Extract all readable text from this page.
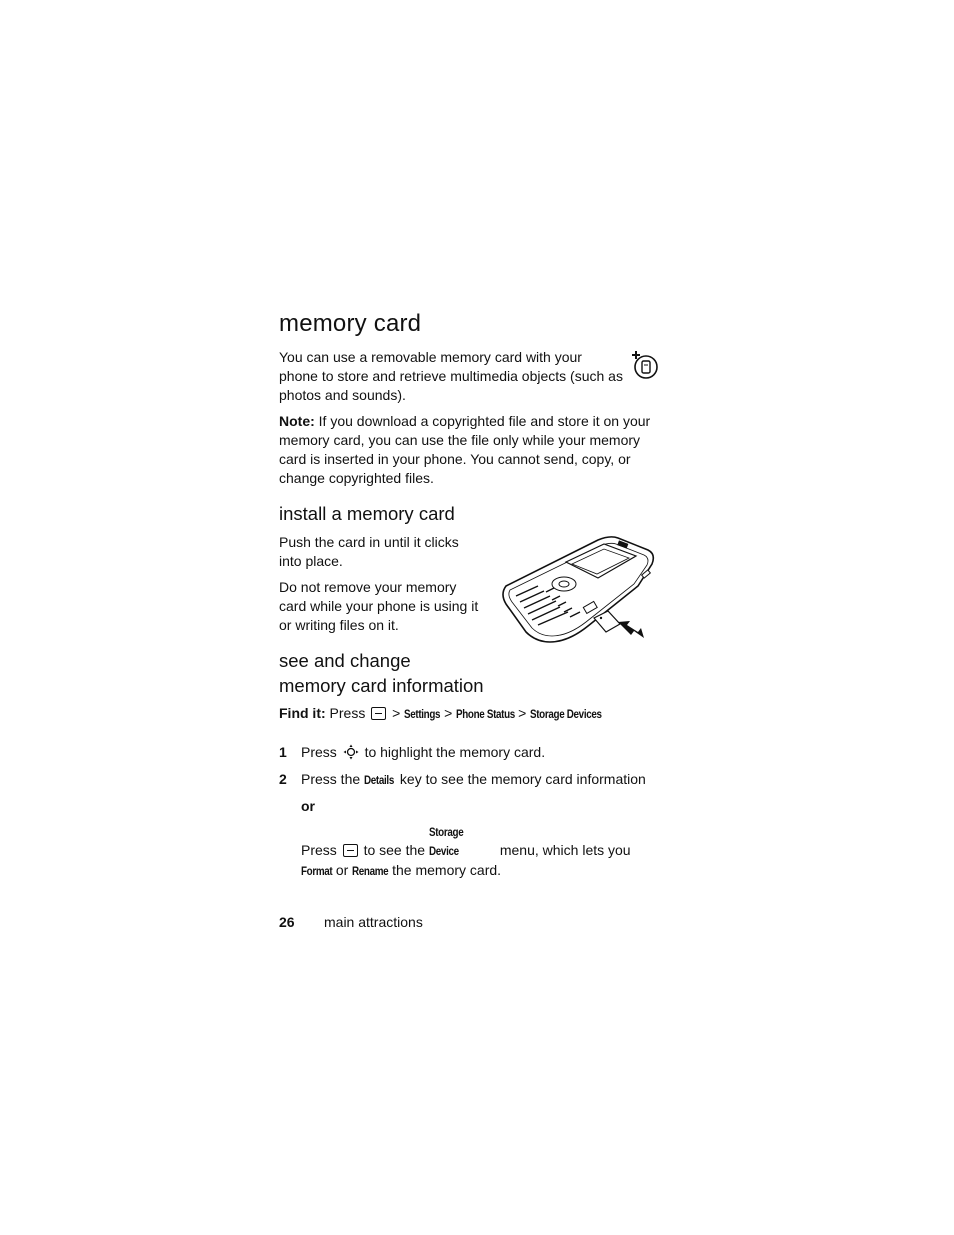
memory card

You can use a removable memory card with your phone to store and retrieve multimedia objects (such as photos and sounds).

Note: If you download a copyrighted file and store it on your memory card, you can use the file only while your memory card is inserted in your phone. You cannot send, copy, or change copyrighted files.

install a memory card

Push the card in until it clicks into place.

Do not remove your memory card while your phone is using it or writing files on it.

see and change
memory card information

Find it: Press  > Settings > Phone Status > Storage Devices

1 Press  to highlight the memory card.

2 Press the Details key to see the memory card information

or

Press  to see the Storage Device	menu, which lets you
Format or Rename the memory card.

26 main attractions
